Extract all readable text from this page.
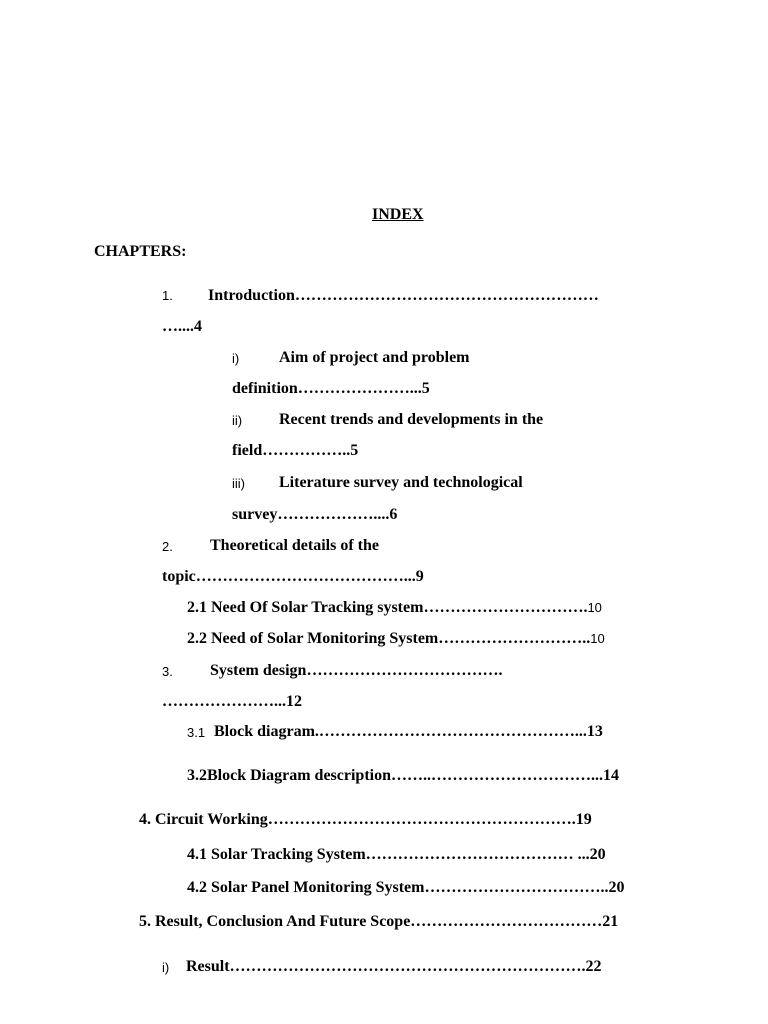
INDEX
CHAPTERS:
1. Introduction…………………………………………………
…....4
i) Aim of project and problem
definition…………………...5
ii) Recent trends and developments in the
field……………..5
iii) Literature survey and technological
survey………………....6
2. Theoretical details of the
topic…………………………………...9
2.1 Need Of Solar Tracking system………………………….10
2.2 Need of Solar Monitoring System………………………..10
3. System design……………………………….
…………………...12
3.1 Block diagram.…………………………………………...13
3.2Block Diagram description……..…………………………...14
4. Circuit Working………………………………………………….19
4.1 Solar Tracking System………………………………… ...20
4.2 Solar Panel Monitoring System……………………………..20
5. Result, Conclusion And Future Scope………………………………21
i) Result………………………………………………………….22
